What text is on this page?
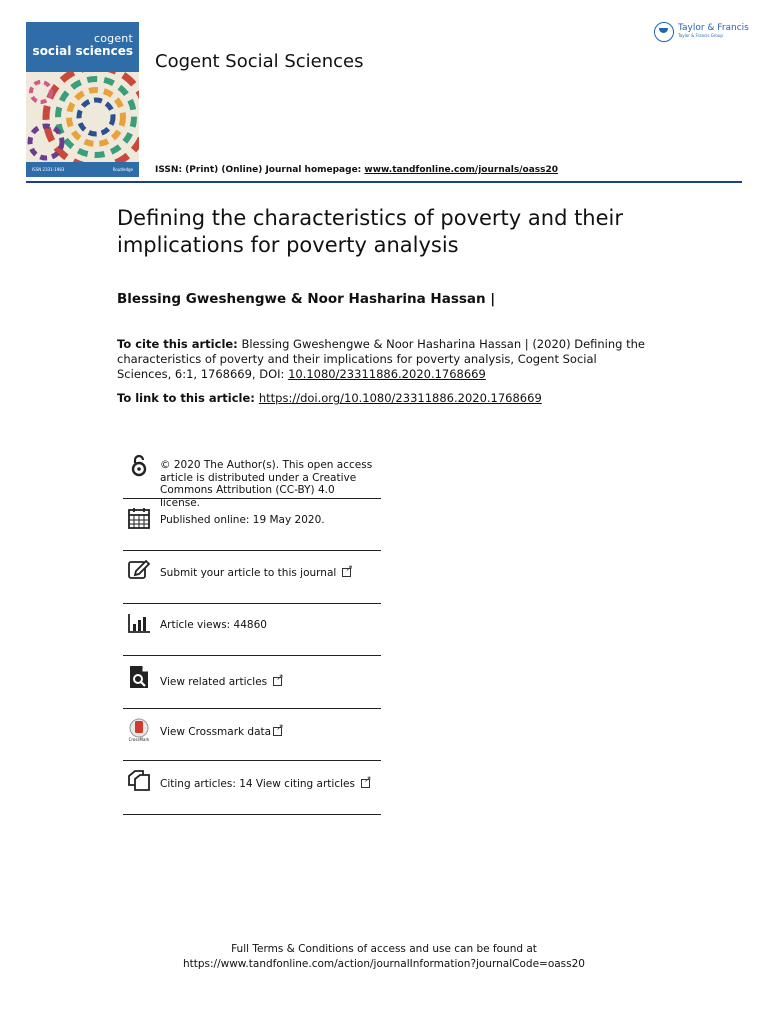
cogent
social sciences
ISSN 2331-1983	Routledge
Cogent Social Sciences
ISSN: (Print) (Online) Journal homepage: www.tandfonline.com/journals/oass20
Taylor & Francis
Taylor & Francis Group
Defining the characteristics of poverty and their implications for poverty analysis
Blessing Gweshengwe & Noor Hasharina Hassan |
To cite this article: Blessing Gweshengwe & Noor Hasharina Hassan | (2020) Defining the characteristics of poverty and their implications for poverty analysis, Cogent Social Sciences, 6:1, 1768669, DOI: 10.1080/23311886.2020.1768669
To link to this article: https://doi.org/10.1080/23311886.2020.1768669
© 2020 The Author(s). This open access article is distributed under a Creative Commons Attribution (CC-BY) 4.0 license.
Published online: 19 May 2020.
Submit your article to this journal↗
Article views: 44860
View related articles↗
CrossMark
View Crossmark data↗
Citing articles: 14 View citing articles↗
Full Terms & Conditions of access and use can be found at
https://www.tandfonline.com/action/journalInformation?journalCode=oass20
